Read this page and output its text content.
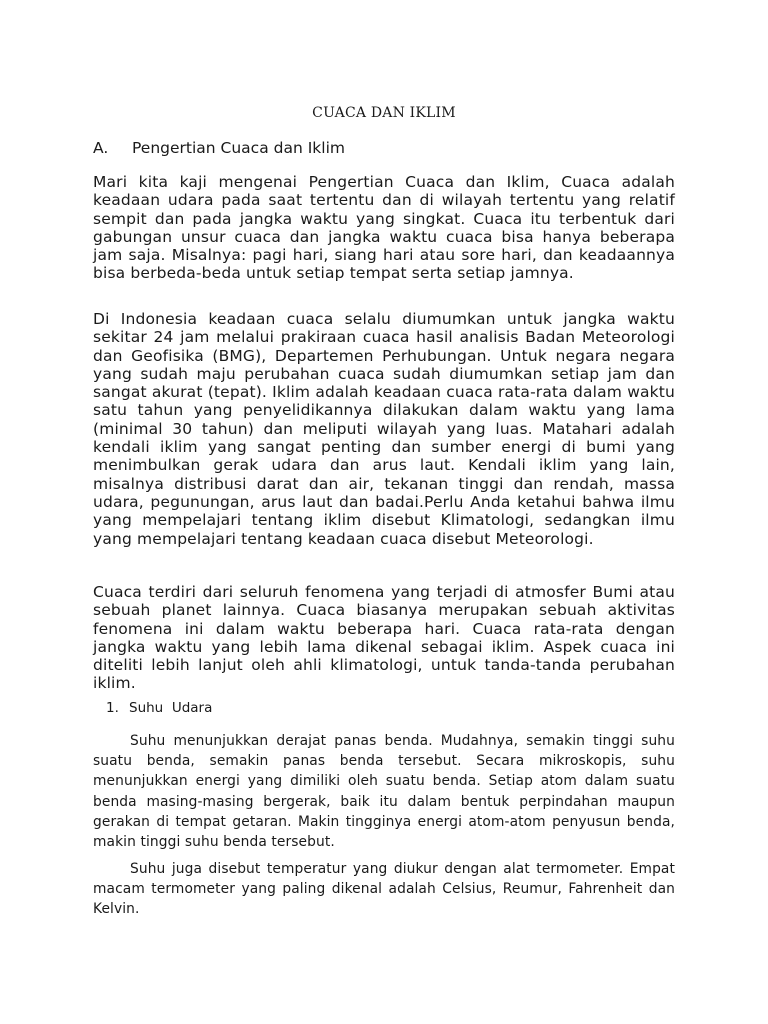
CUACA DAN IKLIM
A. Pengertian Cuaca dan Iklim

Mari kita kaji mengenai Pengertian Cuaca dan Iklim, Cuaca adalah keadaan udara pada saat tertentu dan di wilayah tertentu yang relatif sempit dan pada jangka waktu yang singkat. Cuaca itu terbentuk dari gabungan unsur cuaca dan jangka waktu cuaca bisa hanya beberapa jam saja. Misalnya: pagi hari, siang hari atau sore hari, dan keadaannya bisa berbeda-beda untuk setiap tempat serta setiap jamnya.

Di Indonesia keadaan cuaca selalu diumumkan untuk jangka waktu sekitar 24 jam melalui prakiraan cuaca hasil analisis Badan Meteorologi dan Geofisika (BMG), Departemen Perhubungan. Untuk negara negara yang sudah maju perubahan cuaca sudah diumumkan setiap jam dan sangat akurat (tepat). Iklim adalah keadaan cuaca rata-rata dalam waktu satu tahun yang penyelidikannya dilakukan dalam waktu yang lama (minimal 30 tahun) dan meliputi wilayah yang luas. Matahari adalah kendali iklim yang sangat penting dan sumber energi di bumi yang menimbulkan gerak udara dan arus laut. Kendali iklim yang lain, misalnya distribusi darat dan air, tekanan tinggi dan rendah, massa udara, pegunungan, arus laut dan badai.Perlu Anda ketahui bahwa ilmu yang mempelajari tentang iklim disebut Klimatologi, sedangkan ilmu yang mempelajari tentang keadaan cuaca disebut Meteorologi.

Cuaca terdiri dari seluruh fenomena yang terjadi di atmosfer Bumi atau sebuah planet lainnya. Cuaca biasanya merupakan sebuah aktivitas fenomena ini dalam waktu beberapa hari. Cuaca rata-rata dengan jangka waktu yang lebih lama dikenal sebagai iklim. Aspek cuaca ini diteliti lebih lanjut oleh ahli klimatologi, untuk tanda-tanda perubahan iklim.

1. Suhu  Udara

Suhu menunjukkan derajat panas benda. Mudahnya, semakin tinggi suhu suatu benda, semakin panas benda tersebut. Secara mikroskopis, suhu menunjukkan energi yang dimiliki oleh suatu benda. Setiap atom dalam suatu benda masing-masing bergerak, baik itu dalam bentuk perpindahan maupun gerakan di tempat getaran. Makin tingginya energi atom-atom penyusun benda, makin tinggi suhu benda tersebut.

Suhu juga disebut temperatur yang diukur dengan alat termometer. Empat macam termometer yang paling dikenal adalah Celsius, Reumur, Fahrenheit dan Kelvin.
